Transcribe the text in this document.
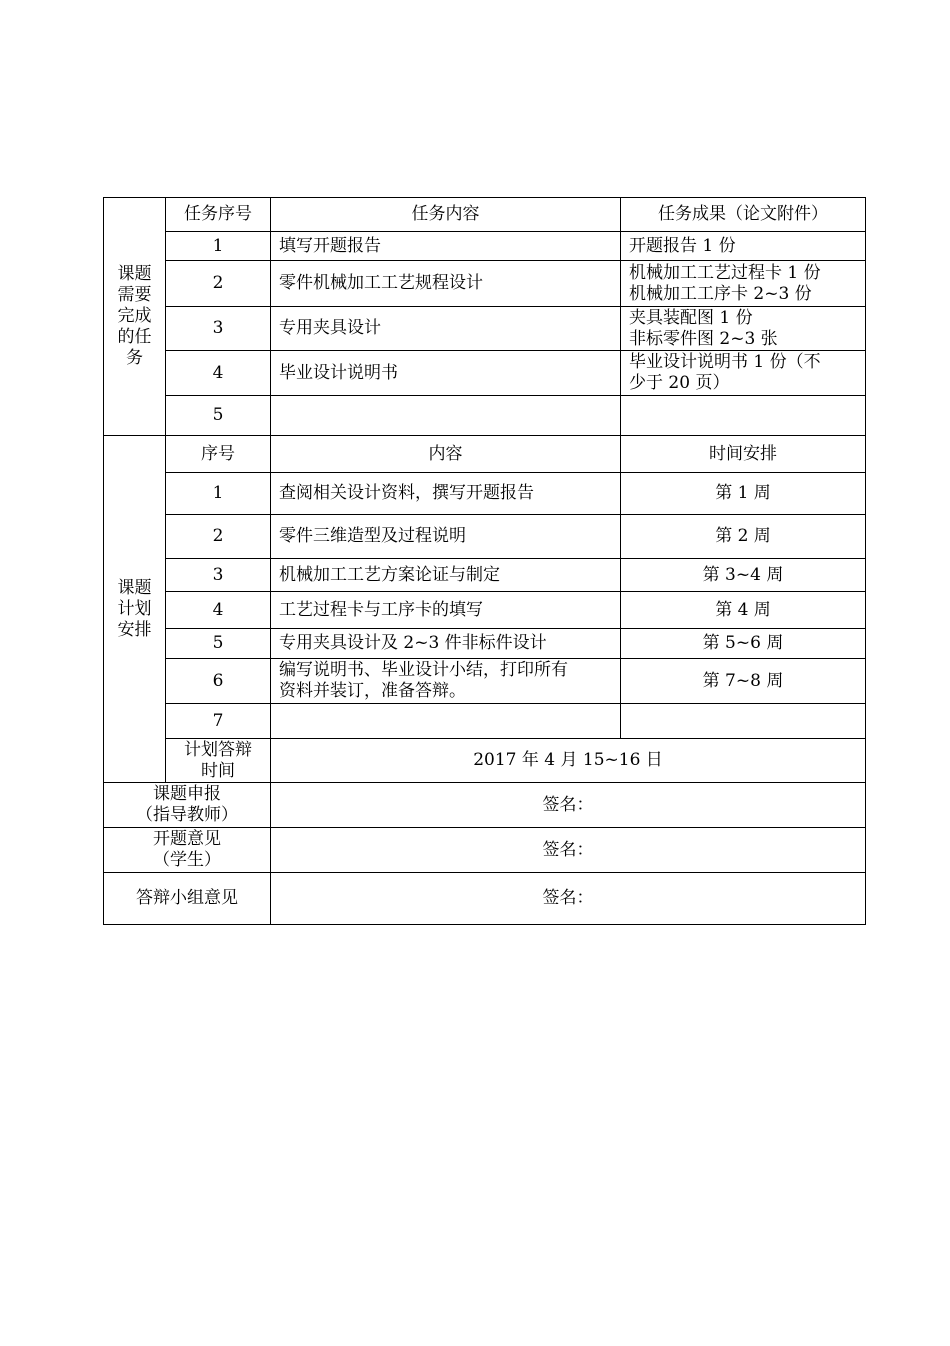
课题
需要
完成
的任
务	任务序号	任务内容	任务成果（论文附件）
	1	填写开题报告	开题报告 1 份
	2	零件机械加工工艺规程设计	机械加工工艺过程卡 1 份
机械加工工序卡 2~3 份

	3	专用夹具设计	夹具装配图 1 份
非标零件图 2~3 张

	4	毕业设计说明书	毕业设计说明书 1 份（不
少于 20 页）

	5		

课题
计划
安排	序号	内容	时间安排
	1	查阅相关设计资料，撰写开题报告	第 1 周
	2	零件三维造型及过程说明	第 2 周
	3	机械加工工艺方案论证与制定	第 3~4 周
	4	工艺过程卡与工序卡的填写	第 4 周
	5	专用夹具设计及 2~3 件非标件设计	第 5~6 周
	6	编写说明书、毕业设计小结，打印所有
资料并装订，准备答辩。	第 7~8 周
	7		

	计划答辩
时间	2017 年 4 月 15~16 日	

课题申报
（指导教师）		签名：	

开题意见
（学生）		签名：	

答辩小组意见		签名：	
